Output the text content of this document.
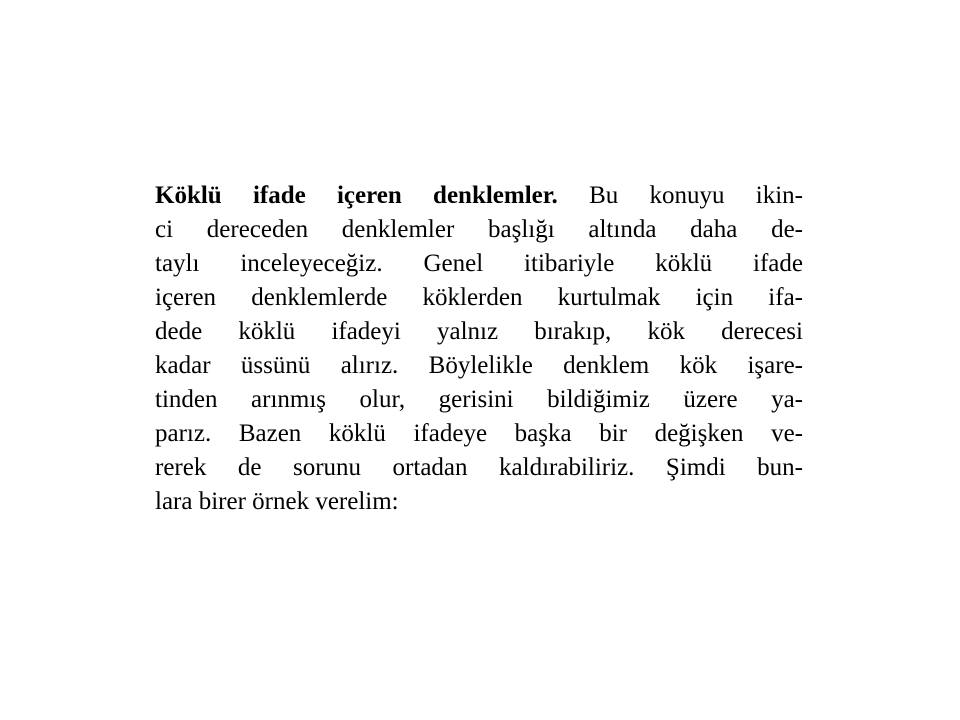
Köklü ifade içeren denklemler. Bu konuyu ikin-
ci dereceden denklemler başlığı altında daha de-
taylı inceleyeceğiz. Genel itibariyle köklü ifade
içeren denklemlerde köklerden kurtulmak için ifa-
dede köklü ifadeyi yalnız bırakıp, kök derecesi
kadar üssünü alırız. Böylelikle denklem kök işare-
tinden arınmış olur, gerisini bildiğimiz üzere ya-
parız. Bazen köklü ifadeye başka bir değişken ve-
rerek de sorunu ortadan kaldırabiliriz. Şimdi bun-
lara birer örnek verelim:
